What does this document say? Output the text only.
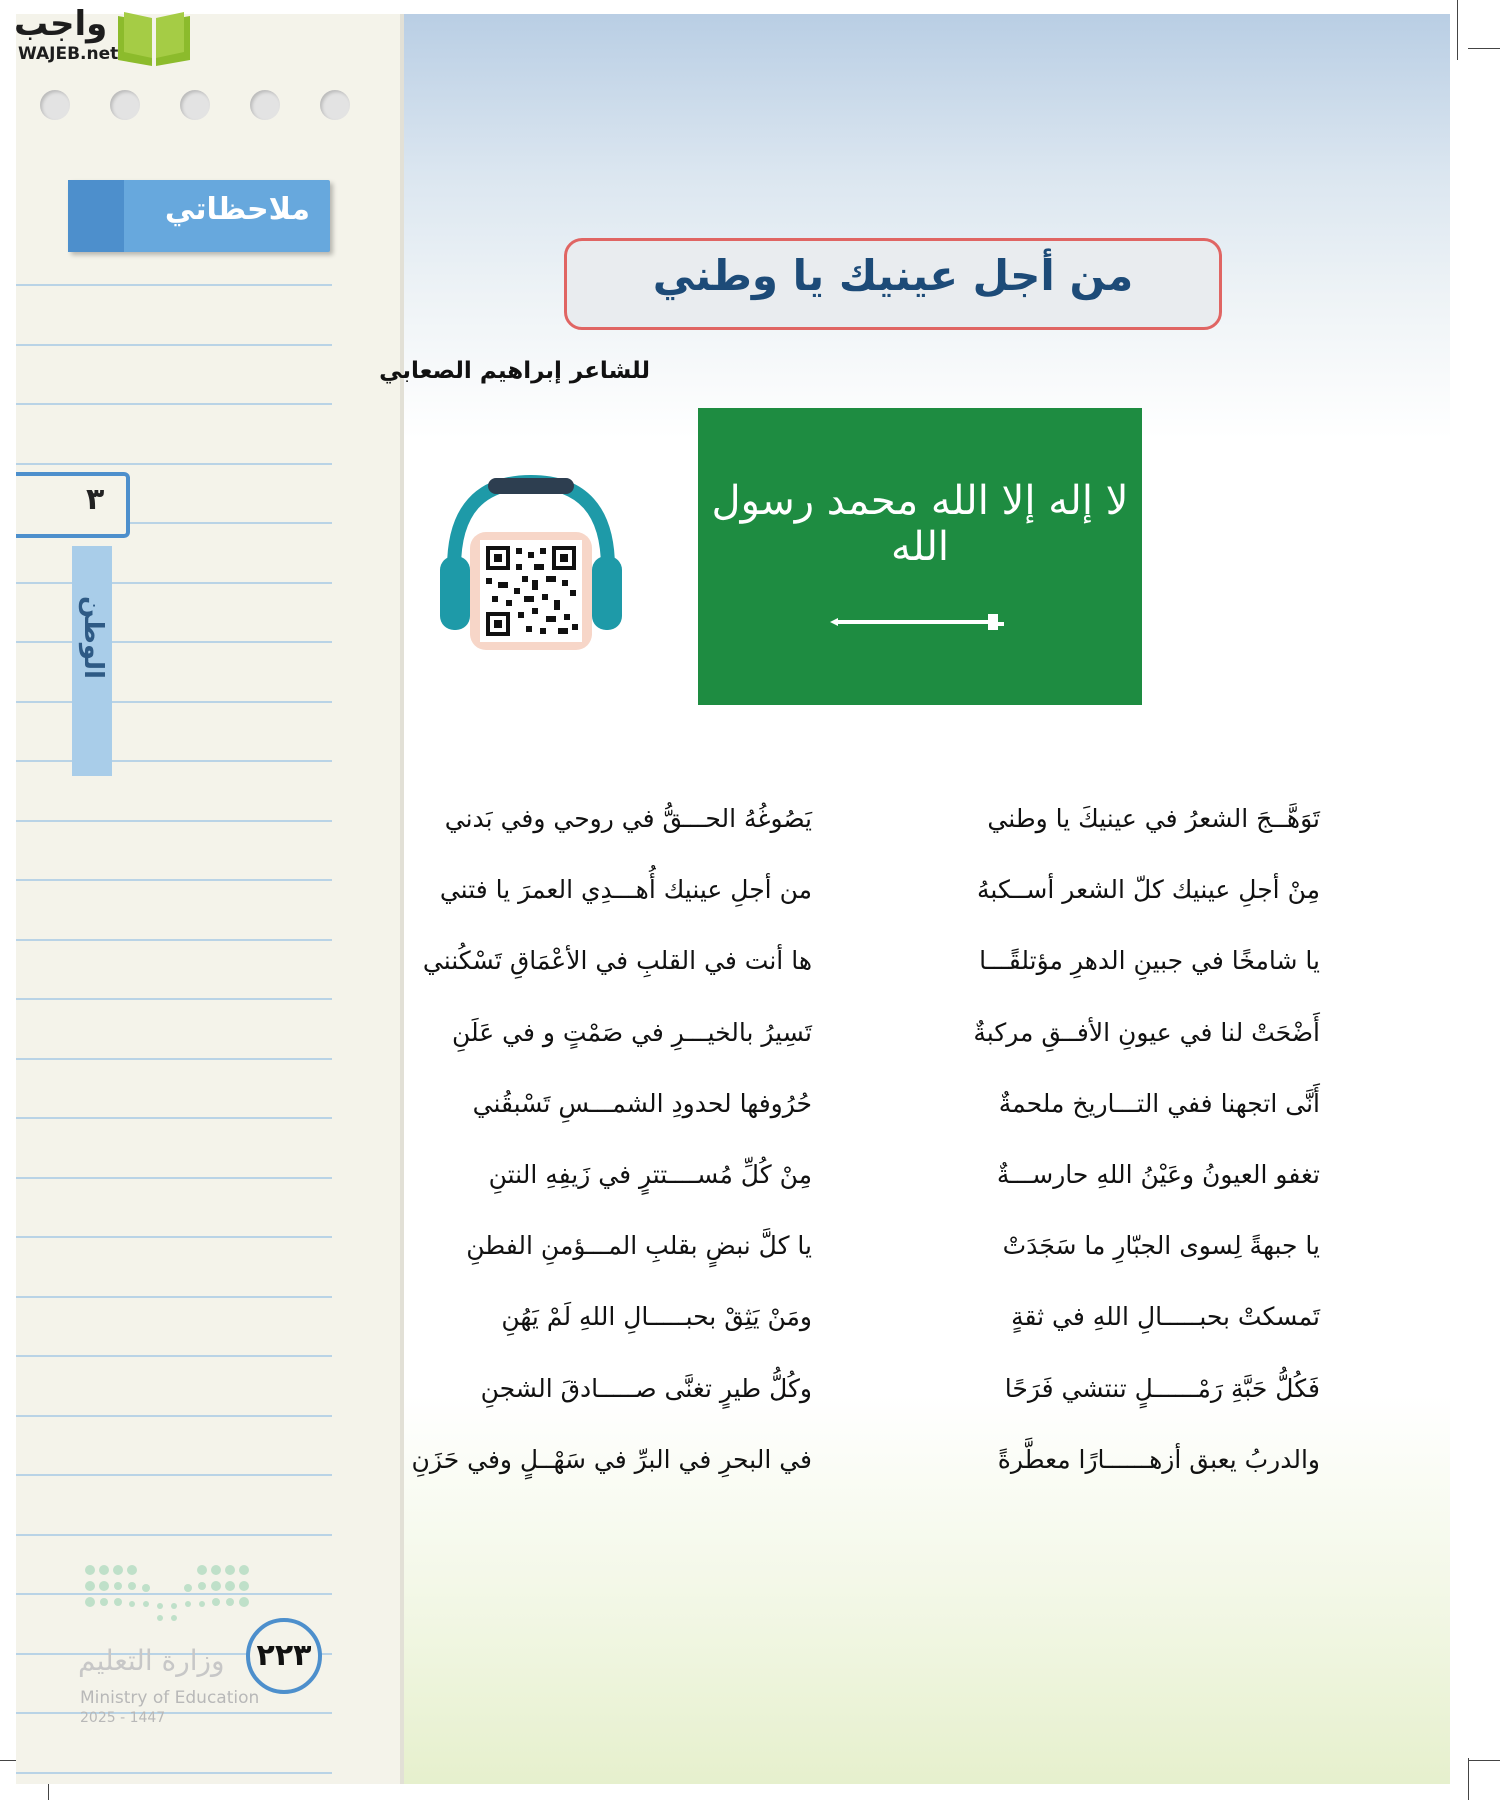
ملاحظاتي
٣
الوطن
وزارة التعليم
Ministry of Education
2025 - 1447
٢٢٣
واجب
WAJEB.net
من أجل عينيك يا وطني
للشاعر إبراهيم الصعابي
لا إله إلا الله محمد رسول الله
تَوَهَّــجَ الشعرُ في عينيكَ يا وطني
يَصُوغُهُ الحـــقُّ في روحي وفي بَدني
مِنْ أجلِ عينيك كلّ الشعر أســكبهُ
من أجلِ عينيك أُهـــدِي العمرَ يا فتني
يا شامخًا في جبينِ الدهرِ مؤتلقًـــا
ها أنت في القلبِ في الأعْمَاقِ تَسْكُنني
أَضْحَتْ لنا في عيونِ الأفــقِ مركبةٌ
تَسِيرُ بالخيـــرِ في صَمْتٍ و في عَلَنِ
أَنَّى اتجهنا ففي التـــاريخ ملحمةٌ
حُرُوفها لحدودِ الشمـــسِ تَسْبقُني
تغفو العيونُ وعَيْنُ اللهِ حارســـةٌ
مِنْ كُلِّ مُســــتترٍ في زَيفِهِ النتنِ
يا جبهةً لِسوى الجبّارِ ما سَجَدَتْ
يا كلَّ نبضٍ بقلبِ المـــؤمنِ الفطنِ
تَمسكتْ بحبـــــالِ اللهِ في ثقةٍ
ومَنْ يَثِقْ بحبـــــالِ اللهِ لَمْ يَهُنِ
فَكُلُّ حَبَّةِ رَمْــــــلٍ تنتشي فَرَحًا
وكُلُّ طيرٍ تغنَّى صـــــادقَ الشجنِ
والدربُ يعبق أزهــــــارًا معطَّرةً
في البحرِ في البرِّ في سَهْــلٍ وفي حَزَنِ
